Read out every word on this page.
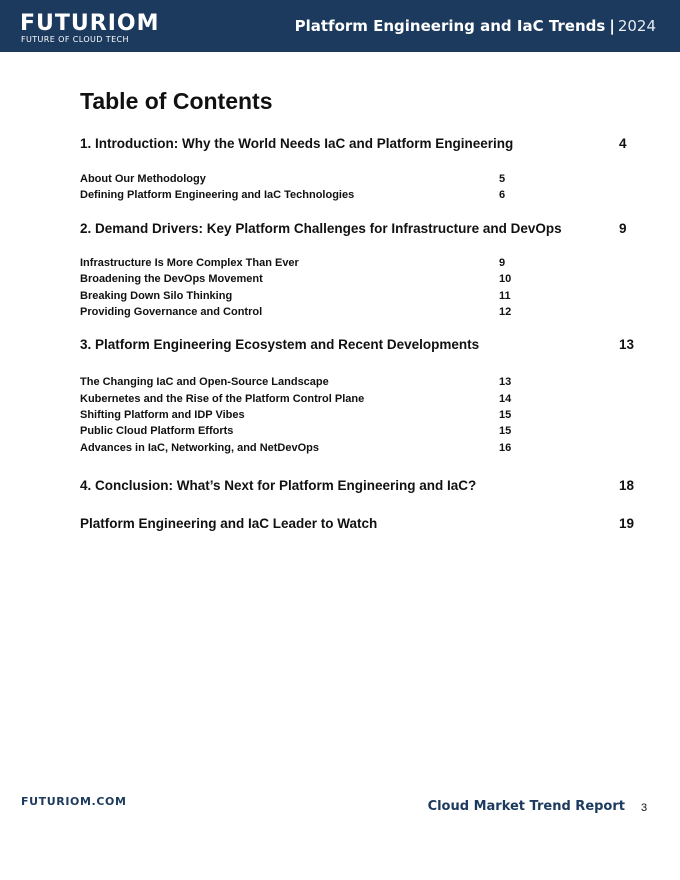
FUTURIOM
FUTURE OF CLOUD TECH
Platform Engineering and IaC Trends | 2024
Table of Contents
1. Introduction: Why the World Needs IaC and Platform Engineering	4
About Our Methodology	5
Defining Platform Engineering and IaC Technologies	6
2. Demand Drivers: Key Platform Challenges for Infrastructure and DevOps	9
Infrastructure Is More Complex Than Ever	9
Broadening the DevOps Movement	10
Breaking Down Silo Thinking	11
Providing Governance and Control	12
3. Platform Engineering Ecosystem and Recent Developments	13
The Changing IaC and Open-Source Landscape	13
Kubernetes and the Rise of the Platform Control Plane	14
Shifting Platform and IDP Vibes	15
Public Cloud Platform Efforts	15
Advances in IaC, Networking, and NetDevOps	16
4. Conclusion: What’s Next for Platform Engineering and IaC?	18
Platform Engineering and IaC Leader to Watch	19
FUTURIOM.COM	Cloud Market Trend Report 3
